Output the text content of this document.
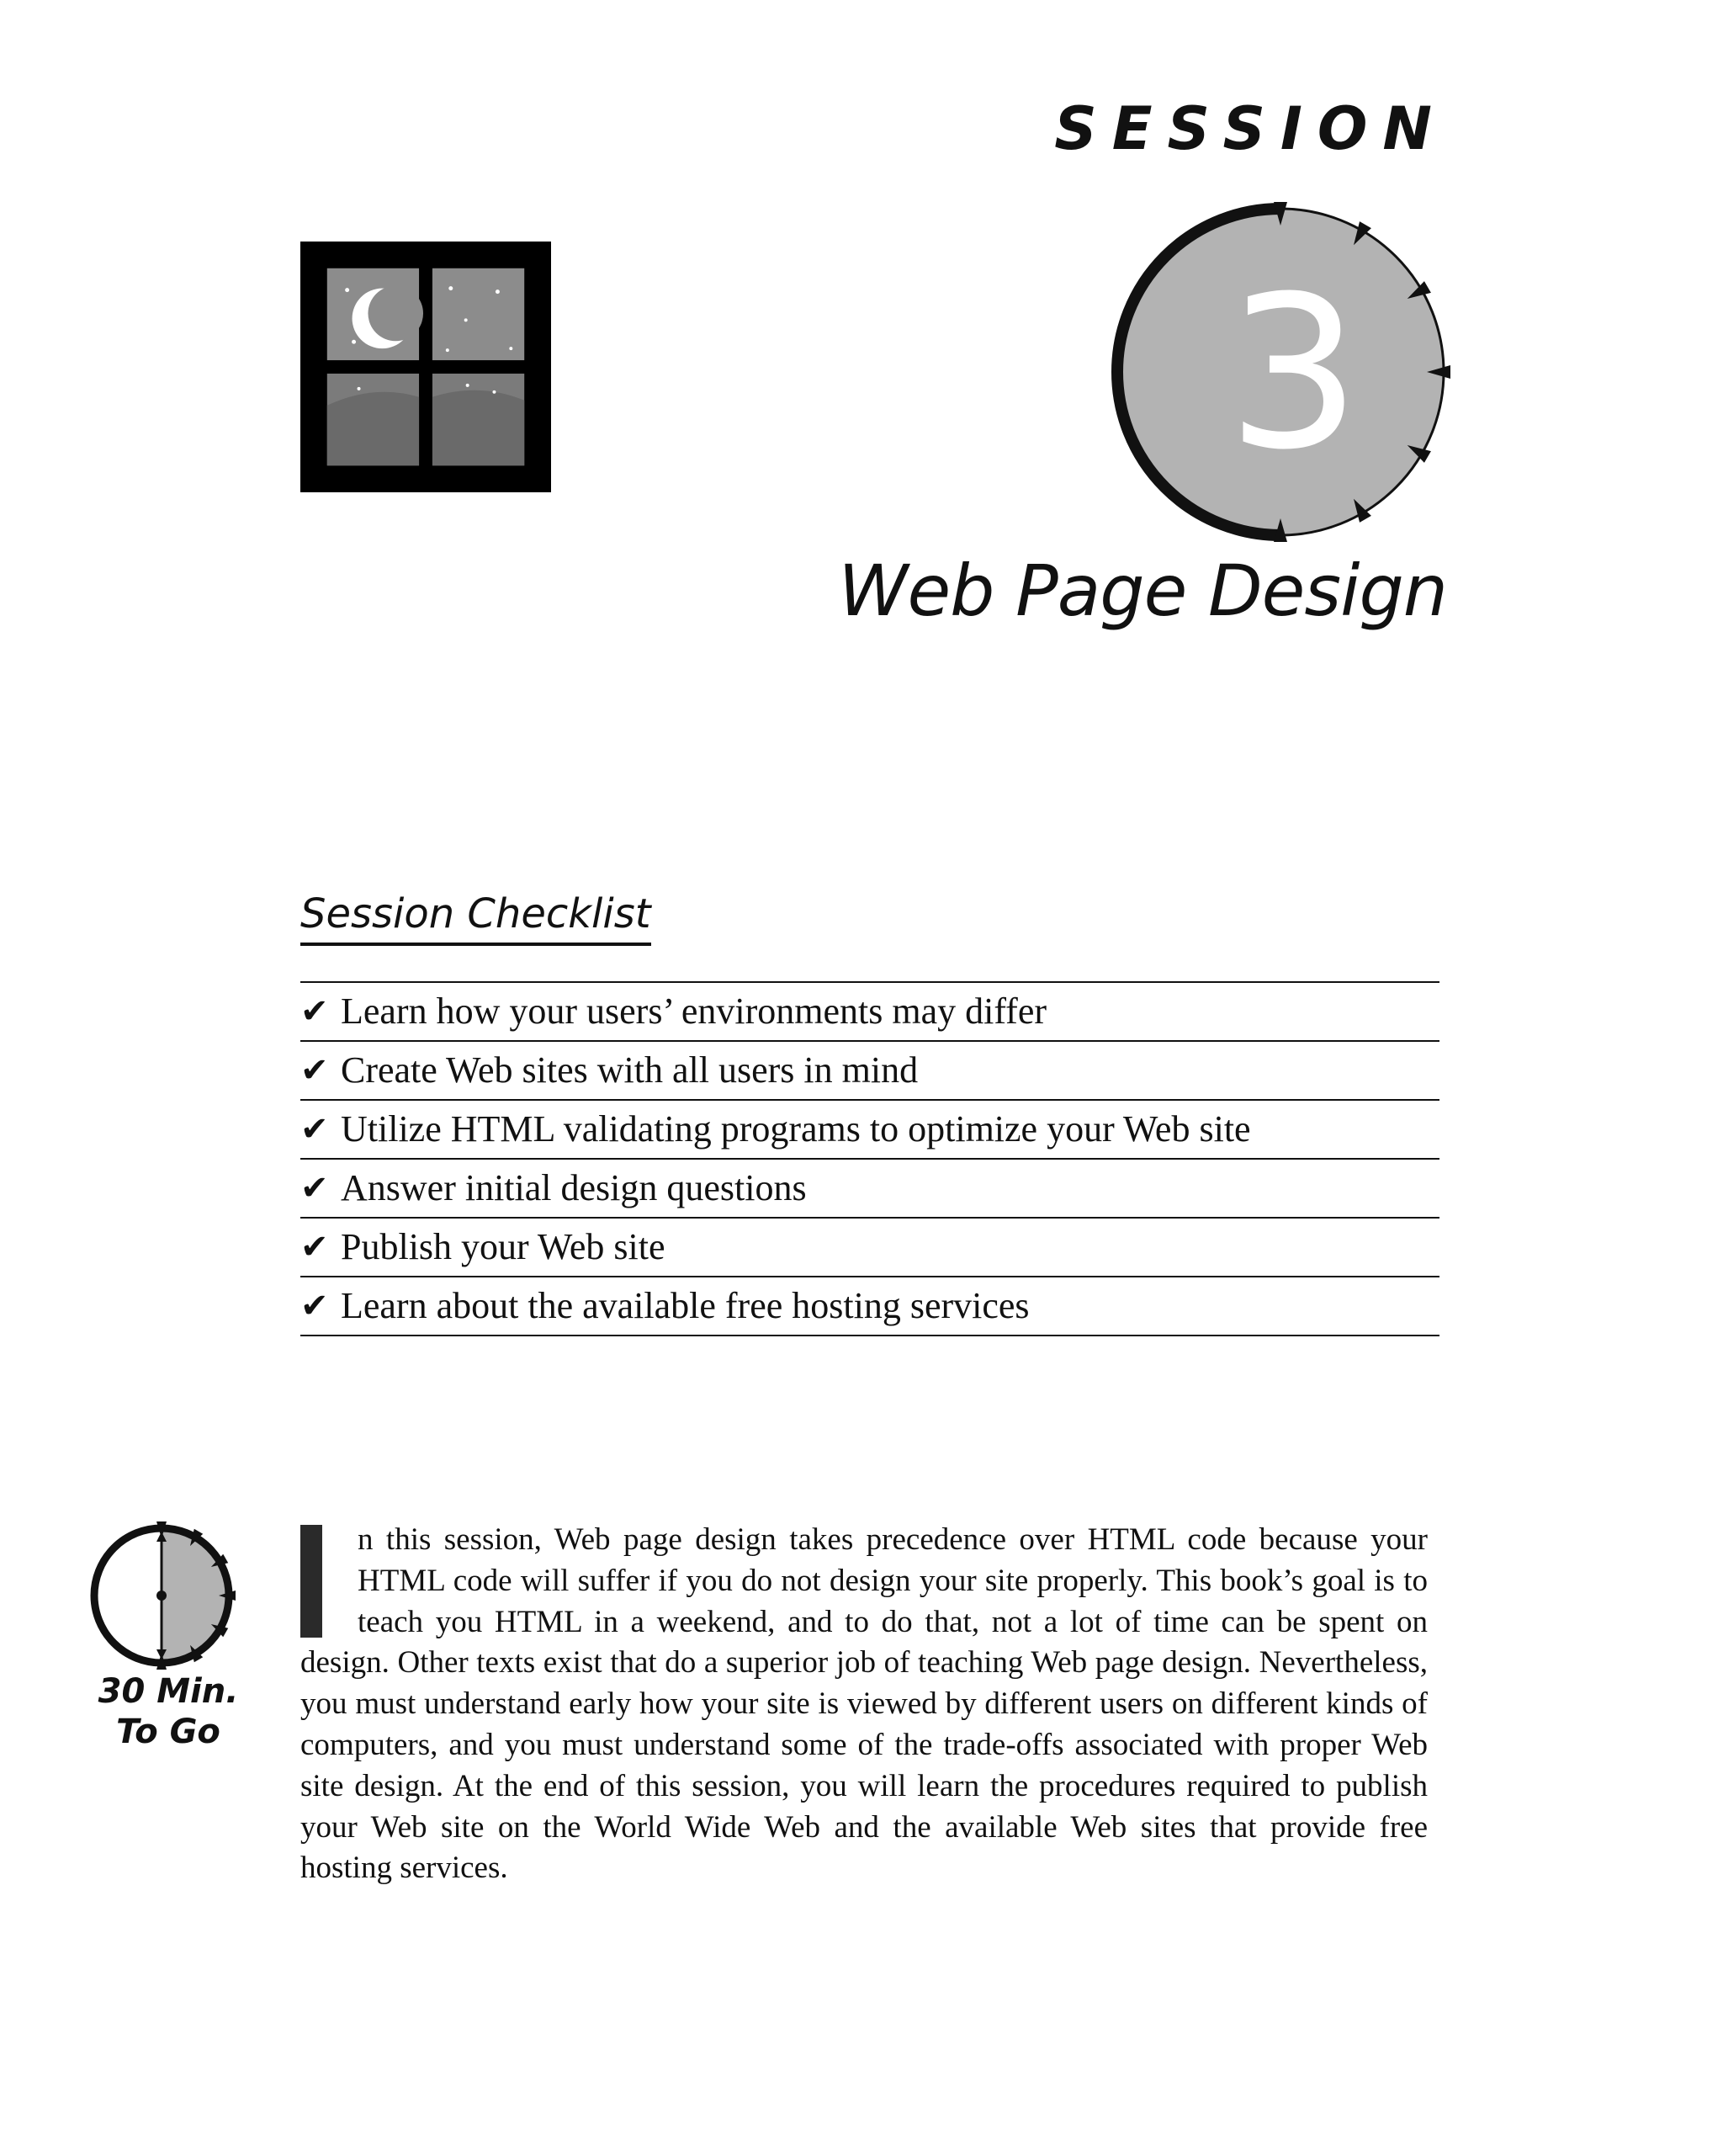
SESSION
3
Web Page Design
Session Checklist
✔ Learn how your users’ environments may differ
✔ Create Web sites with all users in mind
✔ Utilize HTML validating programs to optimize your Web site
✔ Answer initial design questions
✔ Publish your Web site
✔ Learn about the available free hosting services
30 Min.
To Go

n this session, Web page design takes precedence over HTML code because your HTML code will suffer if you do not design your site properly. This book’s goal is to teach you HTML in a weekend, and to do that, not a lot of time can be spent on design. Other texts exist that do a superior job of teaching Web page design. Nevertheless, you must understand early how your site is viewed by different users on different kinds of computers, and you must understand some of the trade-offs associated with proper Web site design. At the end of this session, you will learn the procedures required to publish your Web site on the World Wide Web and the available Web sites that provide free hosting services.
